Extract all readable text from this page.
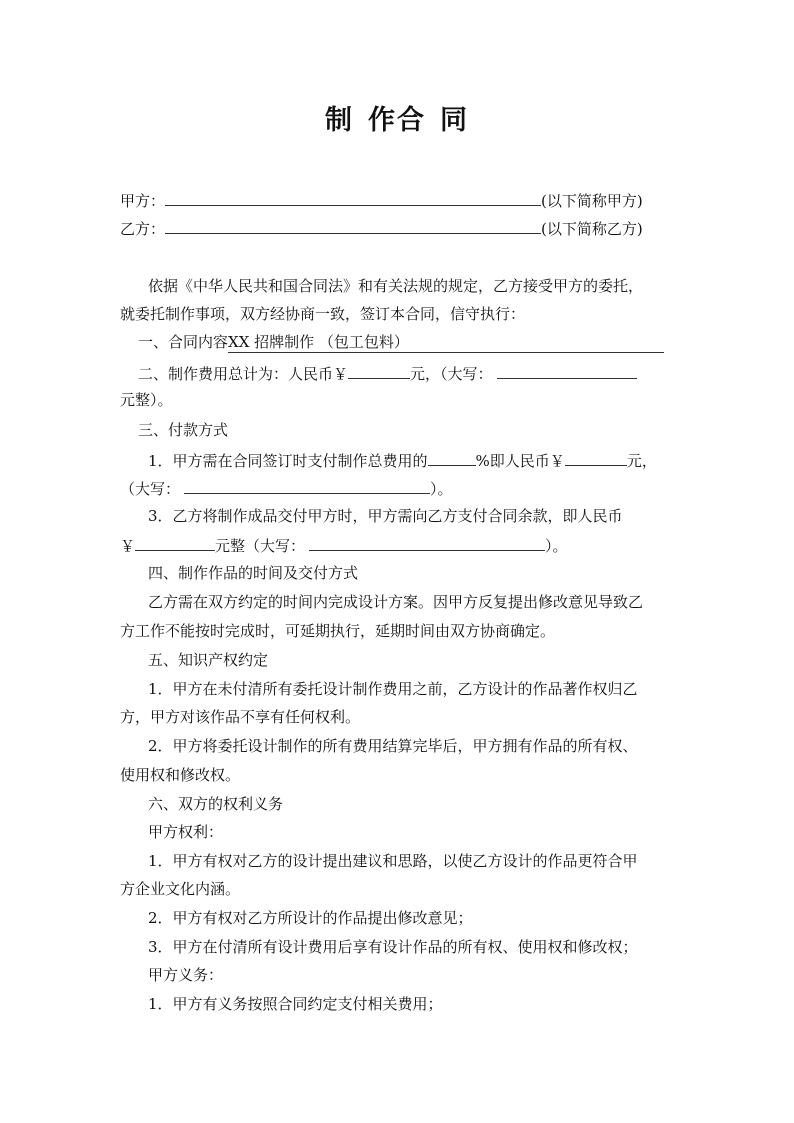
制 作合 同
甲方：	(以下简称甲方)
乙方：	(以下简称乙方)
依据《中华人民共和国合同法》和有关法规的规定，乙方接受甲方的委托，
就委托制作事项，双方经协商一致，签订本合同，信守执行：
一、合同内容XX 招牌制作 （包工包料）
二、制作费用总计为：人民币￥	元，（大写：
元整）。
三、付款方式
1．甲方需在合同签订时支付制作总费用的	%即人民币￥	元，
（大写：	）。
3．乙方将制作成品交付甲方时，甲方需向乙方支付合同余款，即人民币
￥	元整（大写：	）。
四、制作作品的时间及交付方式
乙方需在双方约定的时间内完成设计方案。因甲方反复提出修改意见导致乙
方工作不能按时完成时，可延期执行，延期时间由双方协商确定。
五、知识产权约定
1．甲方在未付清所有委托设计制作费用之前，乙方设计的作品著作权归乙
方，甲方对该作品不享有任何权利。
2．甲方将委托设计制作的所有费用结算完毕后，甲方拥有作品的所有权、
使用权和修改权。
六、双方的权利义务
甲方权利：
1．甲方有权对乙方的设计提出建议和思路，以使乙方设计的作品更符合甲
方企业文化内涵。
2．甲方有权对乙方所设计的作品提出修改意见；
3．甲方在付清所有设计费用后享有设计作品的所有权、使用权和修改权；
甲方义务：
1．甲方有义务按照合同约定支付相关费用；
